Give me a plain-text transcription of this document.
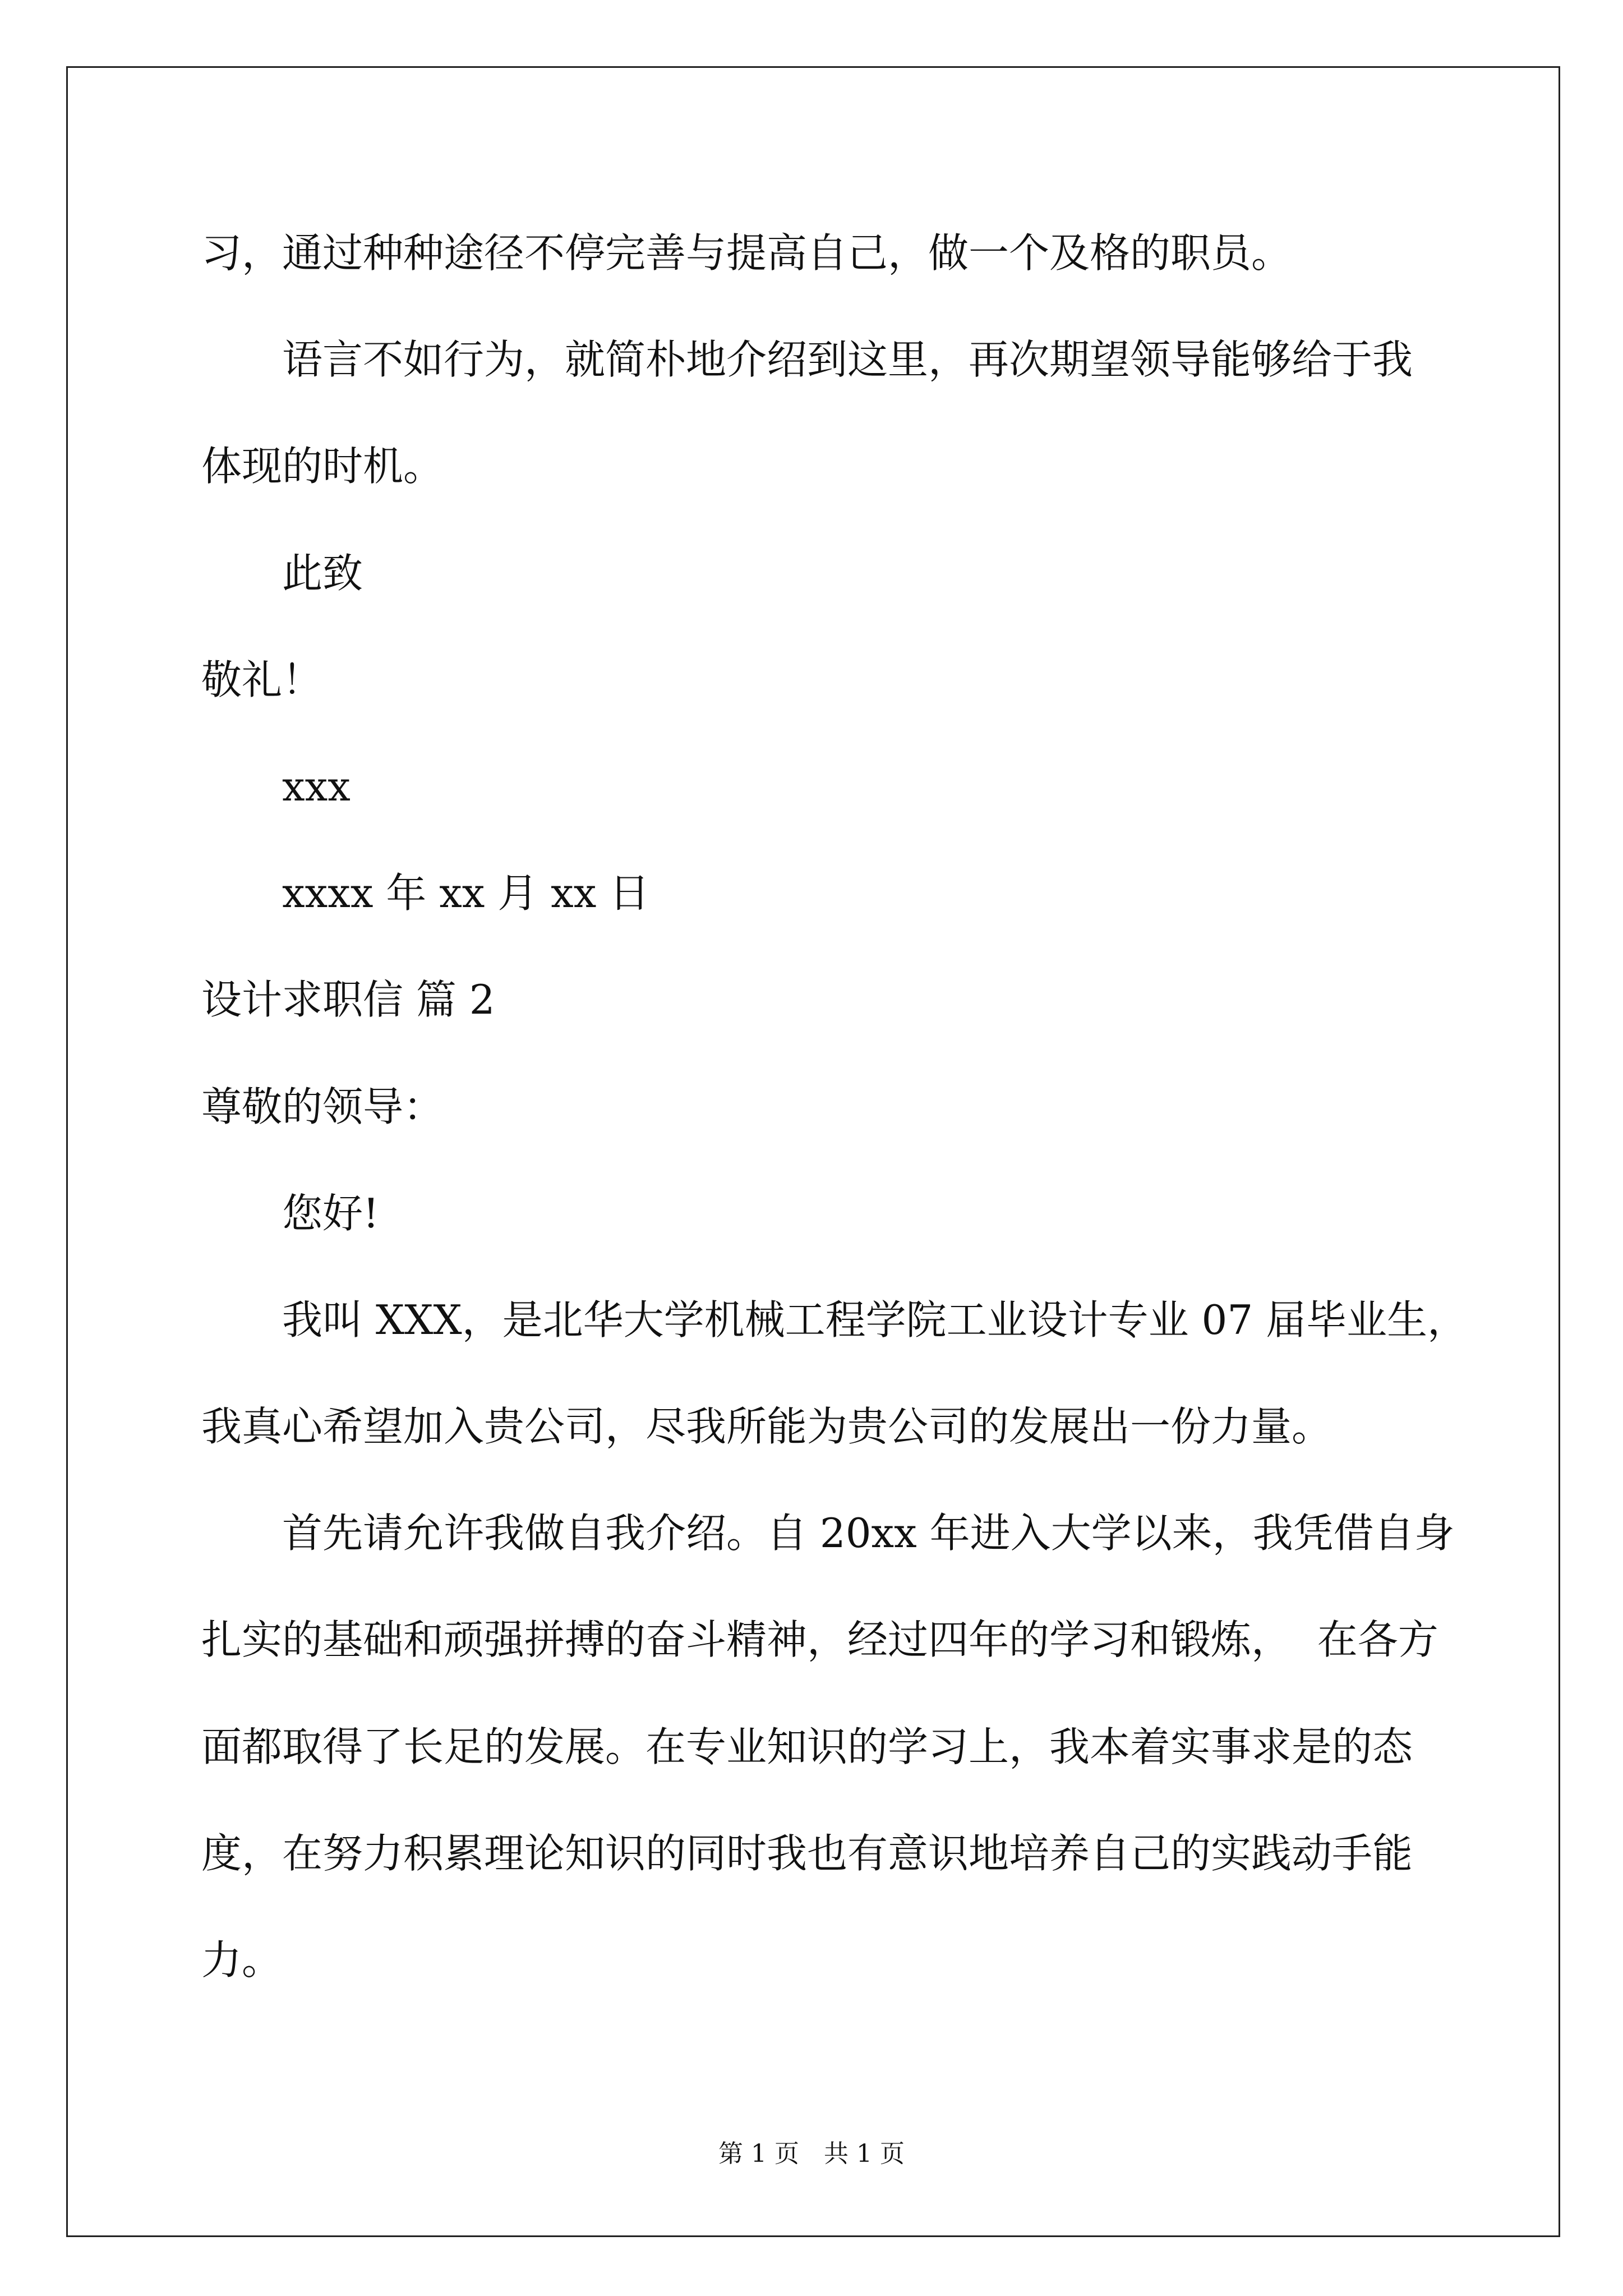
习，通过种种途径不停完善与提高自己，做一个及格的职员。
语言不如行为，就简朴地介绍到这里，再次期望领导能够给于我
体现的时机。
此致
敬礼！
xxx
xxxx 年 xx 月 xx 日
设计求职信 篇 2
尊敬的领导：
您好!
我叫 XXX，是北华大学机械工程学院工业设计专业 07 届毕业生，
我真心希望加入贵公司，尽我所能为贵公司的发展出一份力量。
首先请允许我做自我介绍。自 20xx 年进入大学以来，我凭借自身
扎实的基础和顽强拼搏的奋斗精神，经过四年的学习和锻炼，  在各方
面都取得了长足的发展。在专业知识的学习上，我本着实事求是的态
度，在努力积累理论知识的同时我也有意识地培养自己的实践动手能
力。
第 1 页　共 1 页
